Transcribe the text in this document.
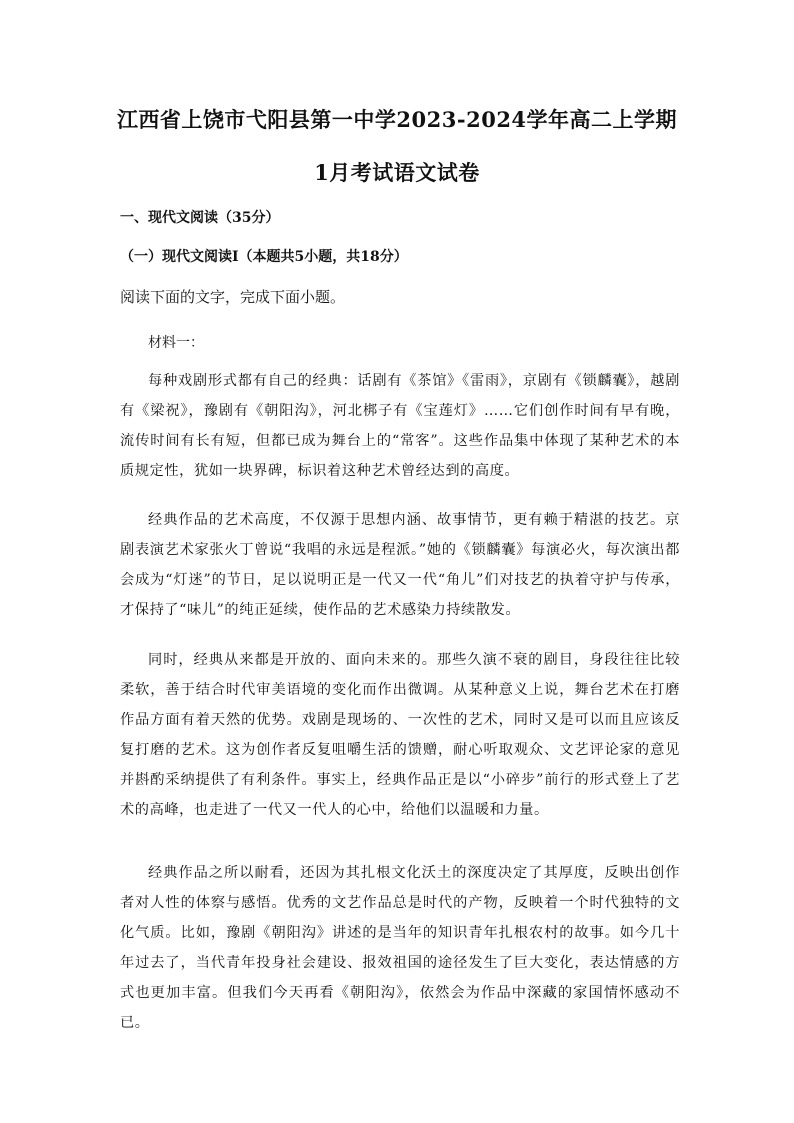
江西省上饶市弋阳县第一中学2023-2024学年高二上学期
1月考试语文试卷
一、现代文阅读（35分）
（一）现代文阅读Ⅰ（本题共5小题，共18分）
阅读下面的文字，完成下面小题。
材料一：

每种戏剧形式都有自己的经典：话剧有《茶馆》《雷雨》，京剧有《锁麟囊》，越剧有《梁祝》，豫剧有《朝阳沟》，河北梆子有《宝莲灯》……它们创作时间有早有晚，流传时间有长有短，但都已成为舞台上的“常客”。这些作品集中体现了某种艺术的本质规定性，犹如一块界碑，标识着这种艺术曾经达到的高度。

经典作品的艺术高度，不仅源于思想内涵、故事情节，更有赖于精湛的技艺。京剧表演艺术家张火丁曾说“我唱的永远是程派。”她的《锁麟囊》每演必火，每次演出都会成为“灯迷”的节日，足以说明正是一代又一代“角儿”们对技艺的执着守护与传承，才保持了“味儿”的纯正延续，使作品的艺术感染力持续散发。

同时，经典从来都是开放的、面向未来的。那些久演不衰的剧目，身段往往比较柔软，善于结合时代审美语境的变化而作出微调。从某种意义上说，舞台艺术在打磨作品方面有着天然的优势。戏剧是现场的、一次性的艺术，同时又是可以而且应该反复打磨的艺术。这为创作者反复咀嚼生活的馈赠，耐心听取观众、文艺评论家的意见并斟酌采纳提供了有利条件。事实上，经典作品正是以“小碎步”前行的形式登上了艺术的高峰，也走进了一代又一代人的心中，给他们以温暖和力量。

经典作品之所以耐看，还因为其扎根文化沃土的深度决定了其厚度，反映出创作者对人性的体察与感悟。优秀的文艺作品总是时代的产物，反映着一个时代独特的文化气质。比如，豫剧《朝阳沟》讲述的是当年的知识青年扎根农村的故事。如今几十年过去了，当代青年投身社会建设、报效祖国的途径发生了巨大变化，表达情感的方式也更加丰富。但我们今天再看《朝阳沟》，依然会为作品中深藏的家国情怀感动不已。
